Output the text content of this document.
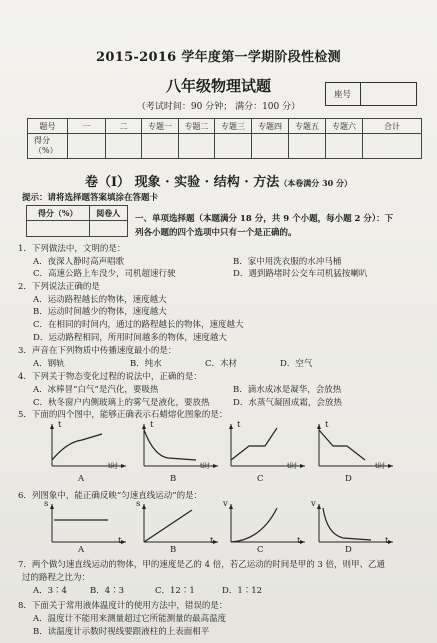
2015-2016 学年度第一学期阶段性检测
八年级物理试题
（考试时间：90 分钟； 满分：100 分）
座号
题号	一	二	专题一	专题二	专题三	专题四	专题五	专题六	合计
得分
（%）									
卷（Ⅰ） 现象 · 实验 · 结构 · 方法（本卷满分 30 分）
提示：请将选择题答案填涂在答题卡
得分（%）	阅卷人

一、单项选择题（本题满分 18 分，共 9 个小题，每小题 2 分）：下
列各小题的四个选项中只有一个是正确的。
1．下列做法中，文明的是：
A．夜深人静时高声唱歌	B．家中用洗衣服的水冲马桶
C．高速公路上车没少，司机超速行驶	D．遇到路堵时公交车司机猛按喇叭
2．下列说法正确的是
A．运动路程越长的物体，速度越大
B．运动时间越少的物体，速度越大
C．在相同的时间内，通过的路程越长的物体，速度越大
D．运动路程相同，所用时间越多的物体，速度越大
3．声音在下列物质中传播速度最小的是：
A．钢轨	B．纯水	C．木材	D．空气
4．下列关于物态变化过程的说法中，正确的是：
A．冰棒冒“白气”是汽化，要吸热	B．滴水成冰是凝华，会放热
C．秋冬窗户内侧玻璃上的雾气是液化，要放热	D．水蒸气凝固成霜，会放热
5．下面的四个图中，能够正确表示石蜡熔化图象的是：
t	t	t	t
t时	t时	t时	t时
A	B	C	D
6．列图象中，能正确反映“匀速直线运动”的是：
s	s	v	v
t	t	t	t
A	B	C	D
7．两个做匀速直线运动的物体，甲的速度是乙的 4 倍，若乙运动的时间是甲的 3 倍，则甲、乙通
过的路程之比为：
A．3∶4	B．4∶3	C．12∶1	D．1∶12
8．下面关于常用液体温度计的使用方法中，错误的是：
A．温度计不能用来测量超过它所能测量的最高温度
B．读温度计示数时视线要跟液柱的上表面相平
